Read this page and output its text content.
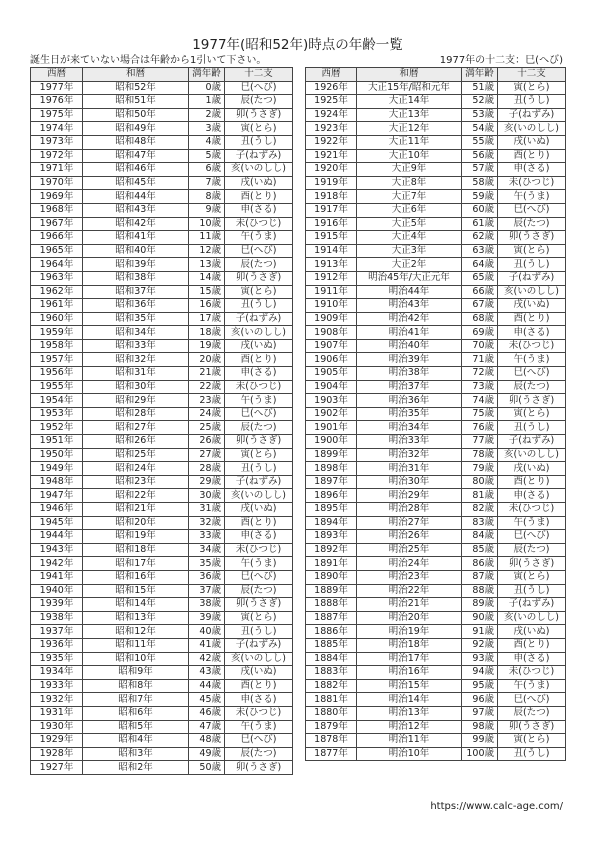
1977年(昭和52年)時点の年齢一覧
誕生日が来ていない場合は年齢から1引いて下さい。	1977年の十二支：巳(へび)
西暦	和暦	満年齢	十二支
1977年	昭和52年	0歳	巳(へび)
1976年	昭和51年	1歳	辰(たつ)
1975年	昭和50年	2歳	卯(うさぎ)
1974年	昭和49年	3歳	寅(とら)
1973年	昭和48年	4歳	丑(うし)
1972年	昭和47年	5歳	子(ねずみ)
1971年	昭和46年	6歳	亥(いのしし)
1970年	昭和45年	7歳	戌(いぬ)
1969年	昭和44年	8歳	酉(とり)
1968年	昭和43年	9歳	申(さる)
1967年	昭和42年	10歳	未(ひつじ)
1966年	昭和41年	11歳	午(うま)
1965年	昭和40年	12歳	巳(へび)
1964年	昭和39年	13歳	辰(たつ)
1963年	昭和38年	14歳	卯(うさぎ)
1962年	昭和37年	15歳	寅(とら)
1961年	昭和36年	16歳	丑(うし)
1960年	昭和35年	17歳	子(ねずみ)
1959年	昭和34年	18歳	亥(いのしし)
1958年	昭和33年	19歳	戌(いぬ)
1957年	昭和32年	20歳	酉(とり)
1956年	昭和31年	21歳	申(さる)
1955年	昭和30年	22歳	未(ひつじ)
1954年	昭和29年	23歳	午(うま)
1953年	昭和28年	24歳	巳(へび)
1952年	昭和27年	25歳	辰(たつ)
1951年	昭和26年	26歳	卯(うさぎ)
1950年	昭和25年	27歳	寅(とら)
1949年	昭和24年	28歳	丑(うし)
1948年	昭和23年	29歳	子(ねずみ)
1947年	昭和22年	30歳	亥(いのしし)
1946年	昭和21年	31歳	戌(いぬ)
1945年	昭和20年	32歳	酉(とり)
1944年	昭和19年	33歳	申(さる)
1943年	昭和18年	34歳	未(ひつじ)
1942年	昭和17年	35歳	午(うま)
1941年	昭和16年	36歳	巳(へび)
1940年	昭和15年	37歳	辰(たつ)
1939年	昭和14年	38歳	卯(うさぎ)
1938年	昭和13年	39歳	寅(とら)
1937年	昭和12年	40歳	丑(うし)
1936年	昭和11年	41歳	子(ねずみ)
1935年	昭和10年	42歳	亥(いのしし)
1934年	昭和9年	43歳	戌(いぬ)
1933年	昭和8年	44歳	酉(とり)
1932年	昭和7年	45歳	申(さる)
1931年	昭和6年	46歳	未(ひつじ)
1930年	昭和5年	47歳	午(うま)
1929年	昭和4年	48歳	巳(へび)
1928年	昭和3年	49歳	辰(たつ)
1927年	昭和2年	50歳	卯(うさぎ)
西暦	和暦	満年齢	十二支
1926年	大正15年/昭和元年	51歳	寅(とら)
1925年	大正14年	52歳	丑(うし)
1924年	大正13年	53歳	子(ねずみ)
1923年	大正12年	54歳	亥(いのしし)
1922年	大正11年	55歳	戌(いぬ)
1921年	大正10年	56歳	酉(とり)
1920年	大正9年	57歳	申(さる)
1919年	大正8年	58歳	未(ひつじ)
1918年	大正7年	59歳	午(うま)
1917年	大正6年	60歳	巳(へび)
1916年	大正5年	61歳	辰(たつ)
1915年	大正4年	62歳	卯(うさぎ)
1914年	大正3年	63歳	寅(とら)
1913年	大正2年	64歳	丑(うし)
1912年	明治45年/大正元年	65歳	子(ねずみ)
1911年	明治44年	66歳	亥(いのしし)
1910年	明治43年	67歳	戌(いぬ)
1909年	明治42年	68歳	酉(とり)
1908年	明治41年	69歳	申(さる)
1907年	明治40年	70歳	未(ひつじ)
1906年	明治39年	71歳	午(うま)
1905年	明治38年	72歳	巳(へび)
1904年	明治37年	73歳	辰(たつ)
1903年	明治36年	74歳	卯(うさぎ)
1902年	明治35年	75歳	寅(とら)
1901年	明治34年	76歳	丑(うし)
1900年	明治33年	77歳	子(ねずみ)
1899年	明治32年	78歳	亥(いのしし)
1898年	明治31年	79歳	戌(いぬ)
1897年	明治30年	80歳	酉(とり)
1896年	明治29年	81歳	申(さる)
1895年	明治28年	82歳	未(ひつじ)
1894年	明治27年	83歳	午(うま)
1893年	明治26年	84歳	巳(へび)
1892年	明治25年	85歳	辰(たつ)
1891年	明治24年	86歳	卯(うさぎ)
1890年	明治23年	87歳	寅(とら)
1889年	明治22年	88歳	丑(うし)
1888年	明治21年	89歳	子(ねずみ)
1887年	明治20年	90歳	亥(いのしし)
1886年	明治19年	91歳	戌(いぬ)
1885年	明治18年	92歳	酉(とり)
1884年	明治17年	93歳	申(さる)
1883年	明治16年	94歳	未(ひつじ)
1882年	明治15年	95歳	午(うま)
1881年	明治14年	96歳	巳(へび)
1880年	明治13年	97歳	辰(たつ)
1879年	明治12年	98歳	卯(うさぎ)
1878年	明治11年	99歳	寅(とら)
1877年	明治10年	100歳	丑(うし)
https://www.calc-age.com/
